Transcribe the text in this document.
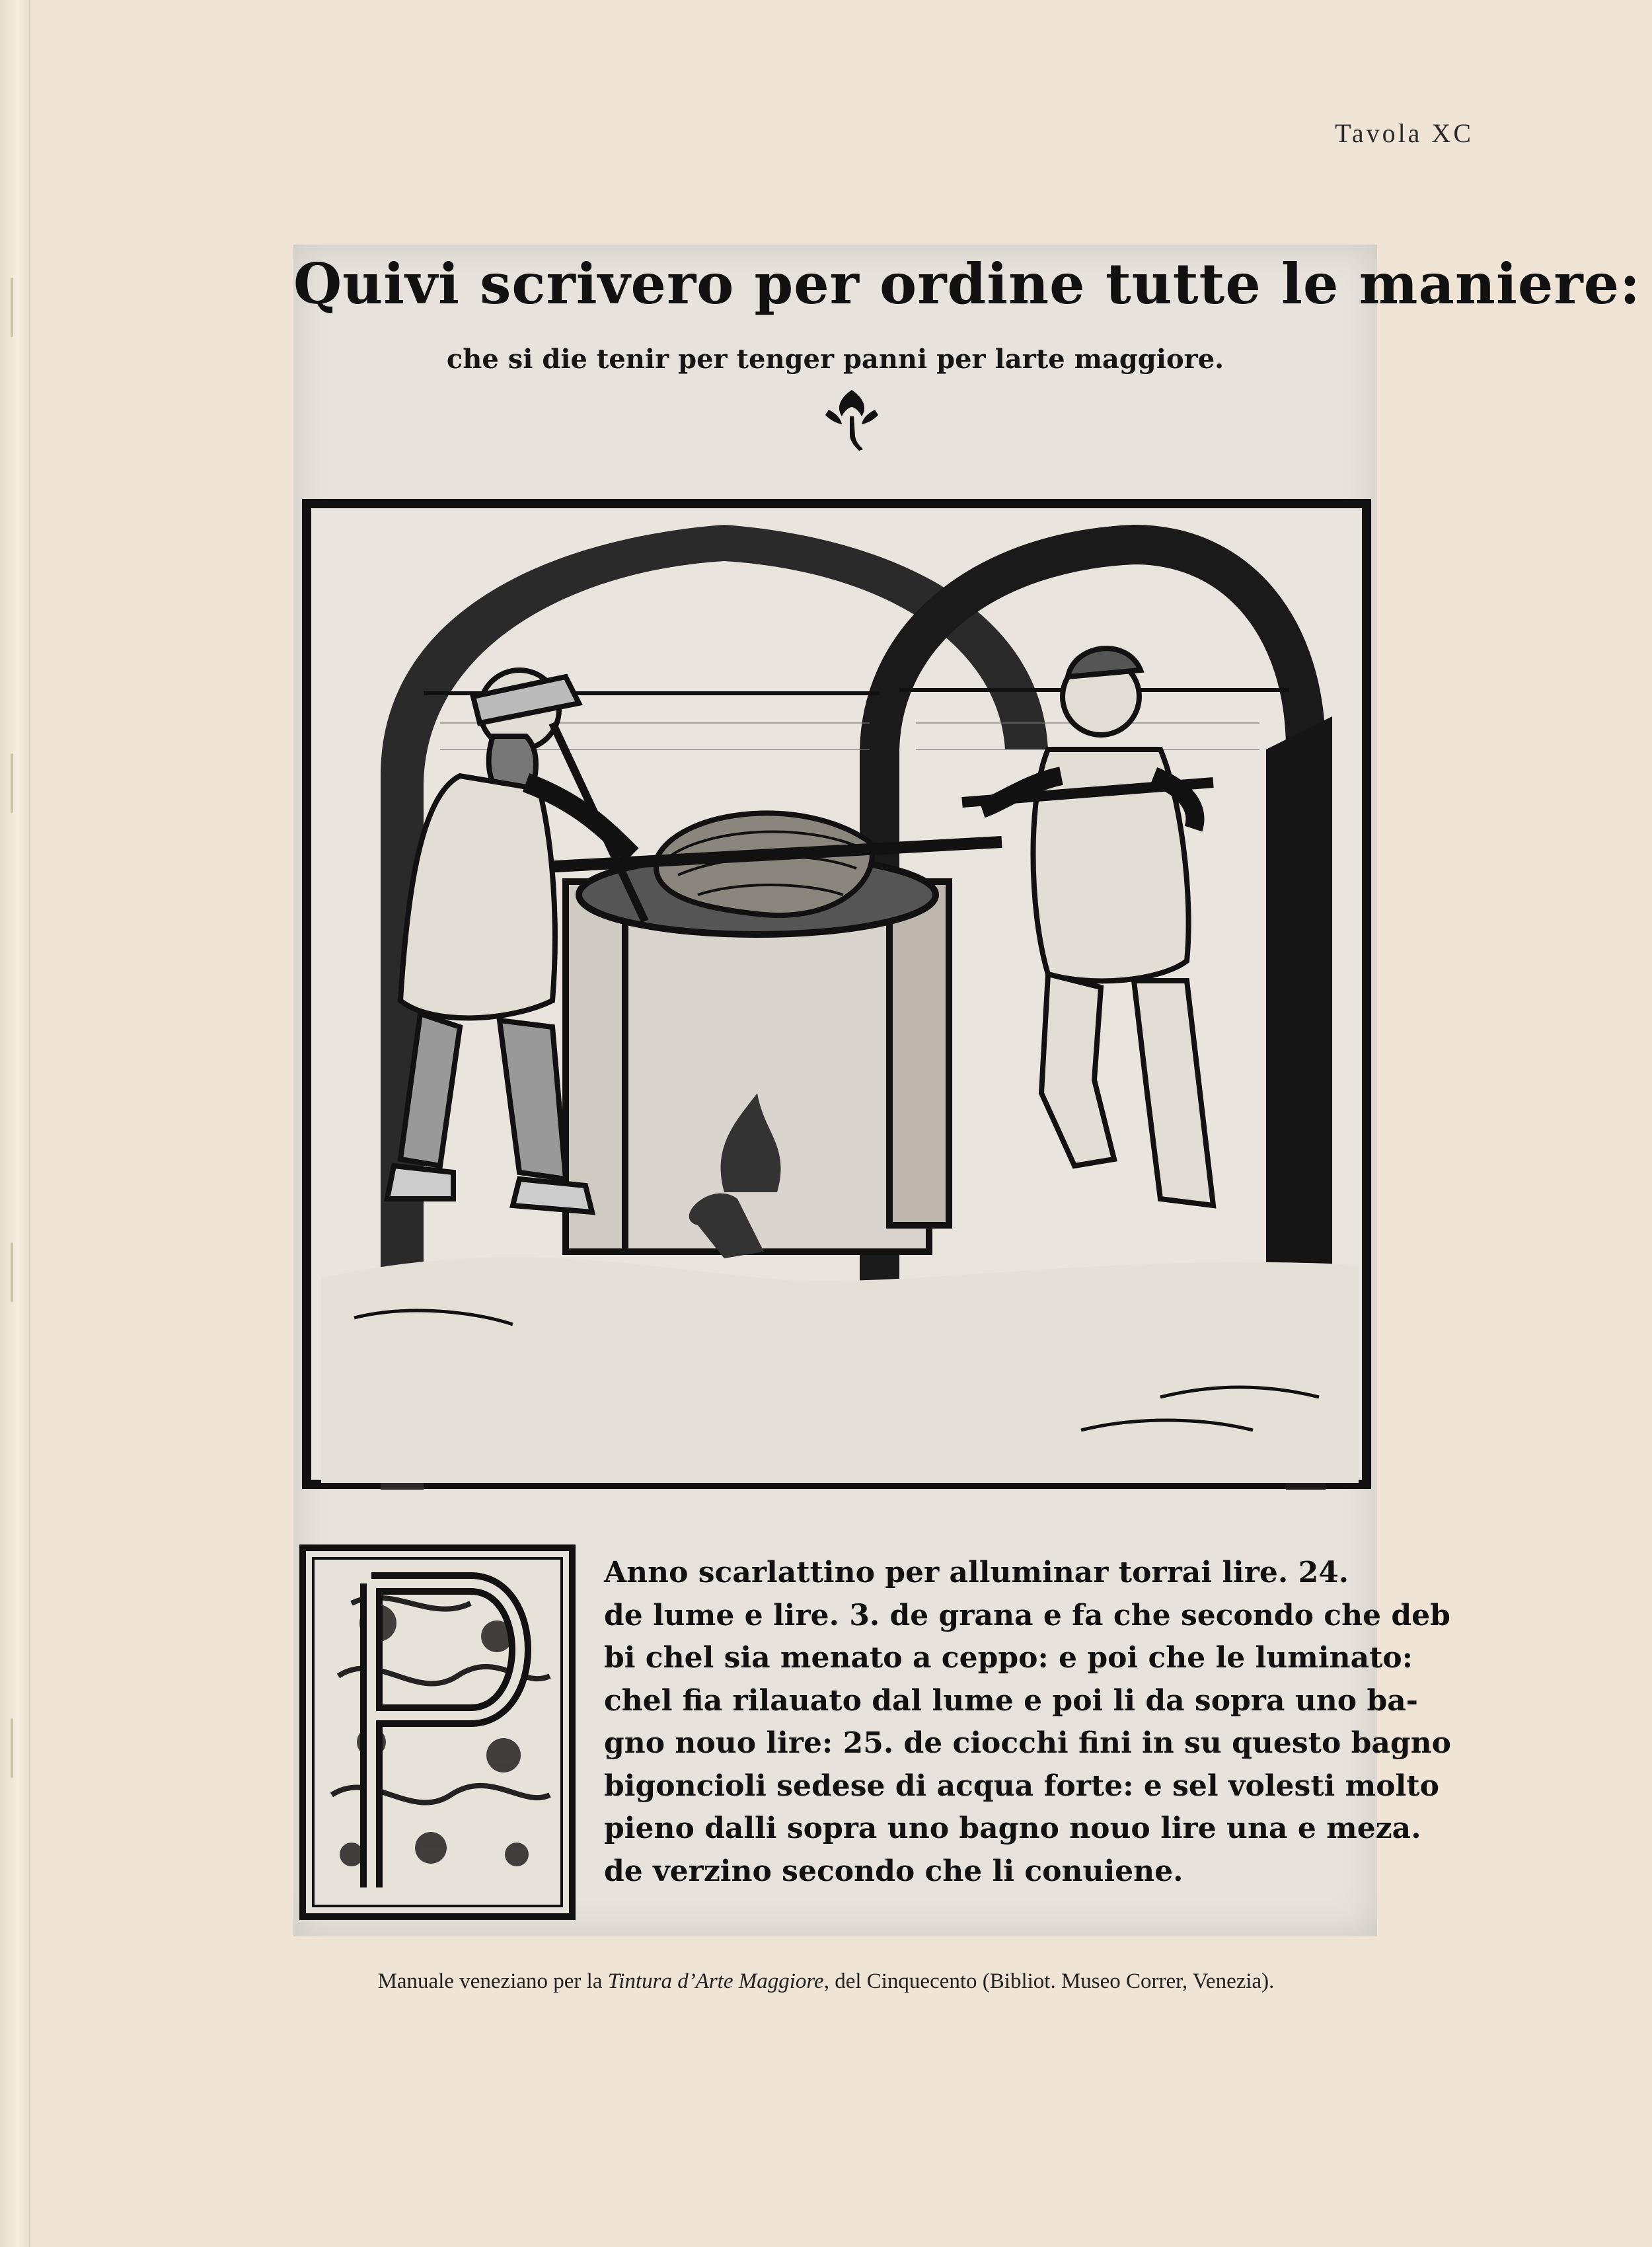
Tavola XC
Quivi scrivero per ordine tutte le maniere:
che si die tenir per tenger panni per larte maggiore.
Anno scarlattino per alluminar torrai lire. 24.
de lume e lire. 3. de grana e fa che secondo che deb
bi chel sia menato a ceppo: e poi che le luminato:
chel fia rilauato dal lume e poi li da sopra uno ba-
gno nouo lire: 25. de ciocchi fini in su questo bagno
bigoncioli sedese di acqua forte: e sel volesti molto
pieno dalli sopra uno bagno nouo lire una e meza.
de verzino secondo che li conuiene.
Manuale veneziano per la Tintura d’Arte Maggiore, del Cinquecento (Bibliot. Museo Correr, Venezia).
